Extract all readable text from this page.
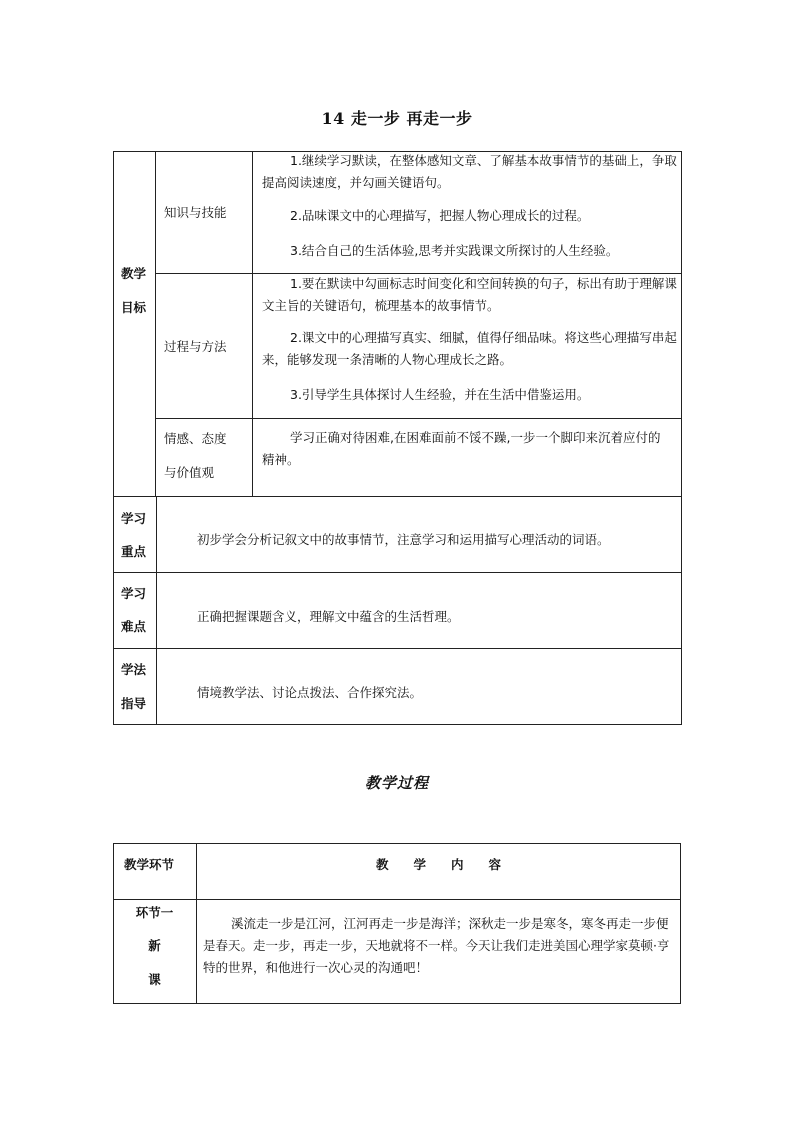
14 走一步 再走一步
教学
目标
知识与技能
过程与方法
情感、态度
与价值观
1.继续学习默读，在整体感知文章、了解基本故事情节的基础上，争取提高阅读速度，并勾画关键语句。
2.品味课文中的心理描写，把握人物心理成长的过程。
3.结合自己的生活体验,思考并实践课文所探讨的人生经验。
1.要在默读中勾画标志时间变化和空间转换的句子，标出有助于理解课文主旨的关键语句，梳理基本的故事情节。
2.课文中的心理描写真实、细腻，值得仔细品味。将这些心理描写串起来，能够发现一条清晰的人物心理成长之路。
3.引导学生具体探讨人生经验，并在生活中借鉴运用。
学习正确对待困难,在困难面前不馁不躁,一步一个脚印来沉着应付的精神。
学习
重点
初步学会分析记叙文中的故事情节，注意学习和运用描写心理活动的词语。
学习
难点
正确把握课题含义，理解文中蕴含的生活哲理。
学法
指导
情境教学法、讨论点拨法、合作探究法。
教学过程
教学环节	教　　学　　内　　容
环节一
新
课
溪流走一步是江河，江河再走一步是海洋；深秋走一步是寒冬，寒冬再走一步便是春天。走一步，再走一步，天地就将不一样。今天让我们走进美国心理学家莫顿·亨特的世界，和他进行一次心灵的沟通吧！
